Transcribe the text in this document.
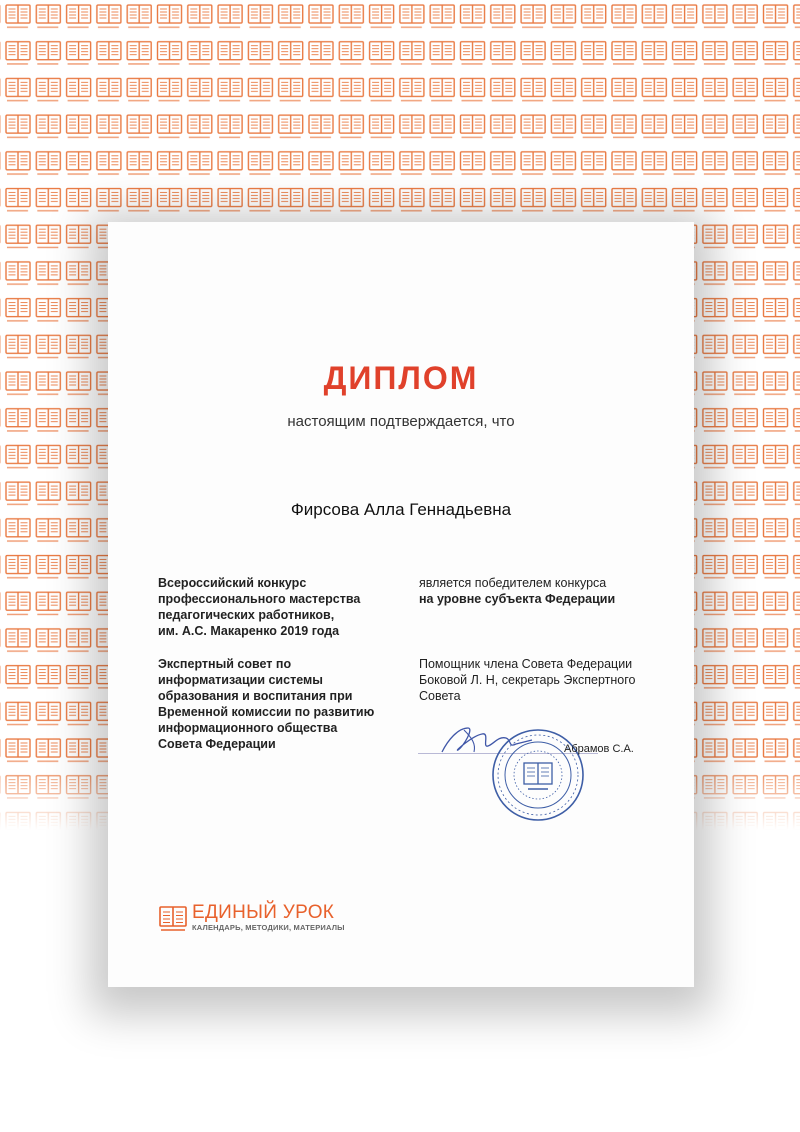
ДИПЛОМ
настоящим подтверждается, что
Фирсова Алла Геннадьевна
Всероссийский конкурс
профессионального мастерства
педагогических работников,
им. А.С. Макаренко 2019 года
Экспертный совет по
информатизации системы
образования и воспитания при
Временной комиссии по развитию
информационного общества
Совета Федерации
является победителем конкурса
на уровне субъекта Федерации
Помощник члена Совета Федерации
Боковой Л. Н, секретарь Экспертного
Совета
Абрамов С.А.
ЕДИНЫЙ УРОК
КАЛЕНДАРЬ, МЕТОДИКИ, МАТЕРИАЛЫ
